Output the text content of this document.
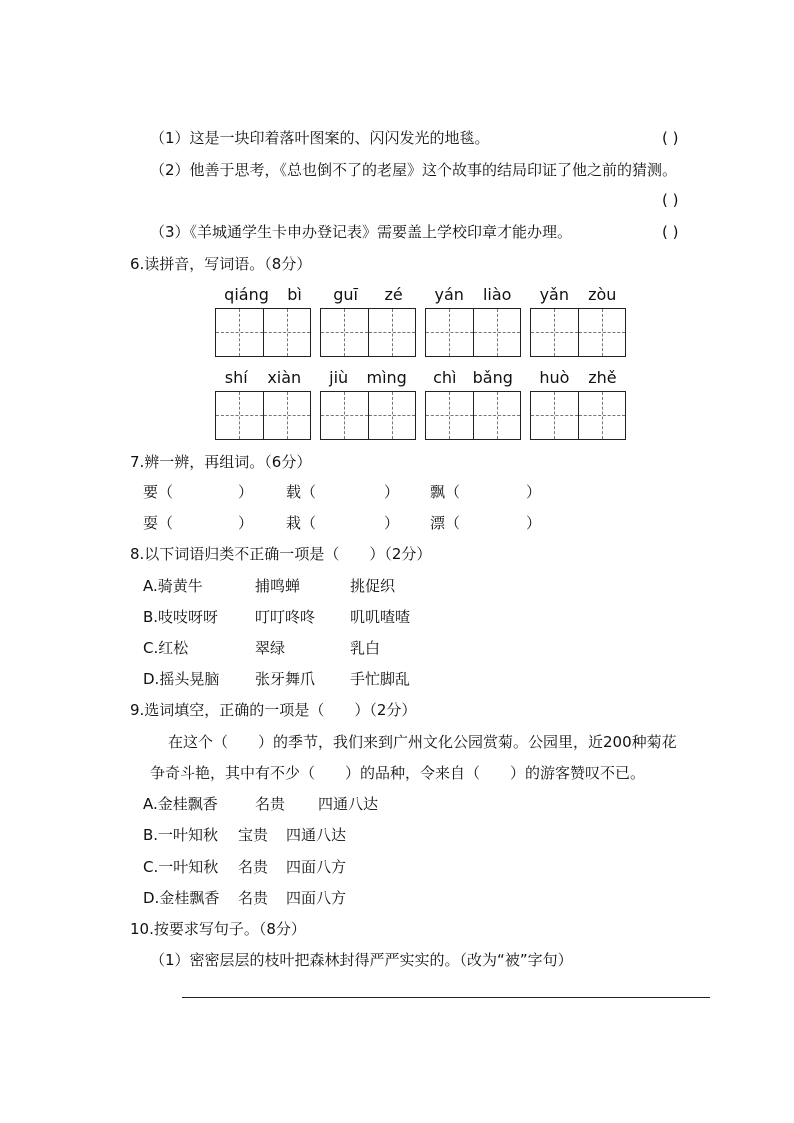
（1）这是一块印着落叶图案的、闪闪发光的地毯。	( )
（2）他善于思考，《总也倒不了的老屋》这个故事的结局印证了他之前的猜测。
( )
（3）《羊城通学生卡申办登记表》需要盖上学校印章才能办理。	( )
6.读拼音，写词语。（8分）
qiáng bì guī zé yán liào yǎn zòu
shí xiàn jiù mìng chì bǎng huò zhě
7.辨一辨，再组词。（6分）
要（	） 载（	） 飘（	）
耍（	） 栽（	） 漂（	）
8.以下词语归类不正确一项是（　　）（2分）
A.骑黄牛	捕鸣蝉	挑促织
B.吱吱呀呀 叮叮咚咚 叽叽喳喳
C.红松	翠绿	乳白
D.摇头晃脑 张牙舞爪 手忙脚乱
9.选词填空，正确的一项是（　　）（2分）
在这个（　　）的季节，我们来到广州文化公园赏菊。公园里，近200种菊花
争奇斗艳，其中有不少（　　）的品种，令来自（　　）的游客赞叹不已。
A.金桂飘香 名贵 四通八达
B.一叶知秋 宝贵 四通八达
C.一叶知秋 名贵 四面八方
D.金桂飘香 名贵 四面八方
10.按要求写句子。（8分）
（1）密密层层的枝叶把森林封得严严实实的。（改为“被”字句）
